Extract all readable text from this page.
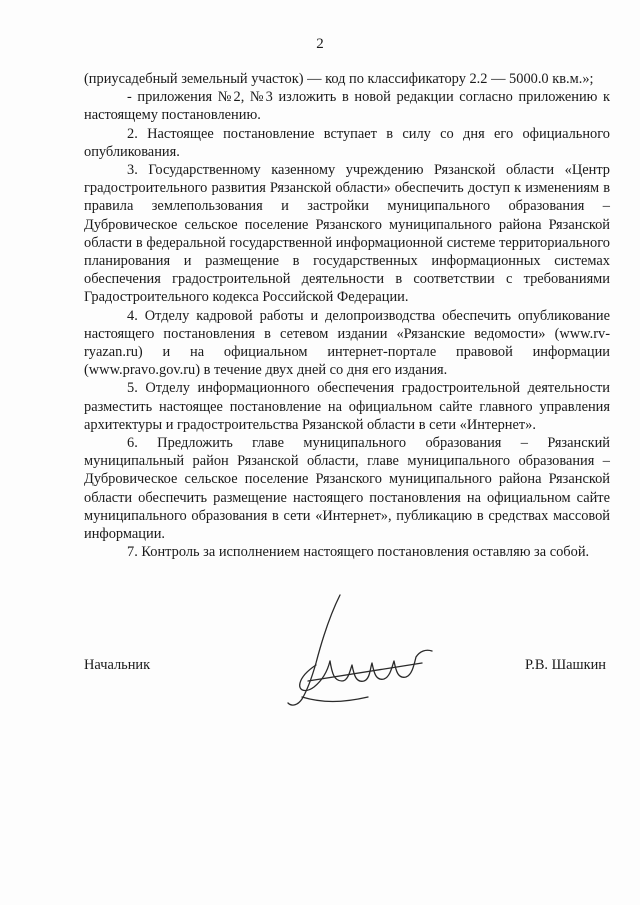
2

(приусадебный земельный участок) — код по классификатору 2.2 — 5000.0 кв.м.»;

- приложения №2, №3 изложить в новой редакции согласно приложению к настоящему постановлению.

2. Настоящее постановление вступает в силу со дня его официального опубликования.

3. Государственному казенному учреждению Рязанской области «Центр градостроительного развития Рязанской области» обеспечить доступ к изменениям в правила землепользования и застройки муниципального образования – Дубровическое сельское поселение Рязанского муниципального района Рязанской области в федеральной государственной информационной системе территориального планирования и размещение в государственных информационных системах обеспечения градостроительной деятельности в соответствии с требованиями Градостроительного кодекса Российской Федерации.

4. Отделу кадровой работы и делопроизводства обеспечить опубликование настоящего постановления в сетевом издании «Рязанские ведомости» (www.rv-ryazan.ru) и на официальном интернет-портале правовой информации (www.pravo.gov.ru) в течение двух дней со дня его издания.

5. Отделу информационного обеспечения градостроительной деятельности разместить настоящее постановление на официальном сайте главного управления архитектуры и градостроительства Рязанской области в сети «Интернет».

6. Предложить главе муниципального образования – Рязанский муниципальный район Рязанской области, главе муниципального образования – Дубровическое сельское поселение Рязанского муниципального района Рязанской области обеспечить размещение настоящего постановления на официальном сайте муниципального образования в сети «Интернет», публикацию в средствах массовой информации.

7. Контроль за исполнением настоящего постановления оставляю за собой.

Начальник	Р.В. Шашкин
